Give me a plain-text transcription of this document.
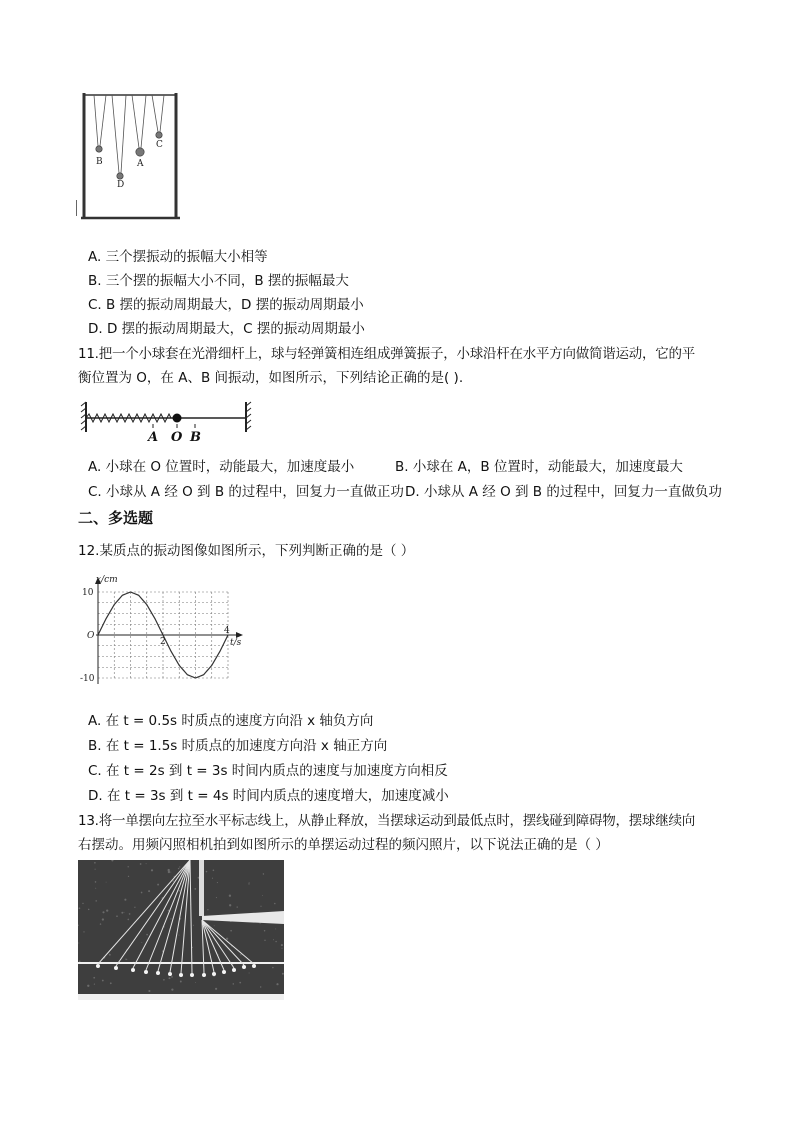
B
D
A
C
A. 三个摆振动的振幅大小相等
B. 三个摆的振幅大小不同，B 摆的振幅最大
C. B 摆的振动周期最大，D 摆的振动周期最小
D. D 摆的振动周期最大，C 摆的振动周期最小
11.把一个小球套在光滑细杆上，球与轻弹簧相连组成弹簧振子，小球沿杆在水平方向做简谐运动，它的平
衡位置为 O，在 A、B 间振动，如图所示，下列结论正确的是( ).
A O B
A. 小球在 O 位置时，动能最大，加速度最小	B. 小球在 A，B 位置时，动能最大，加速度最大
C. 小球从 A 经 O 到 B 的过程中，回复力一直做正功 D. 小球从 A 经 O 到 B 的过程中，回复力一直做负功
二、多选题
12.某质点的振动图像如图所示，下列判断正确的是（ ）
x/cm
10
-10
O
2
4
t/s
A. 在 t = 0.5s 时质点的速度方向沿 x 轴负方向
B. 在 t = 1.5s 时质点的加速度方向沿 x 轴正方向
C. 在 t = 2s 到 t = 3s 时间内质点的速度与加速度方向相反
D. 在 t = 3s 到 t = 4s 时间内质点的速度增大，加速度减小
13.将一单摆向左拉至水平标志线上，从静止释放，当摆球运动到最低点时，摆线碰到障碍物，摆球继续向
右摆动。用频闪照相机拍到如图所示的单摆运动过程的频闪照片，以下说法正确的是（ ）
